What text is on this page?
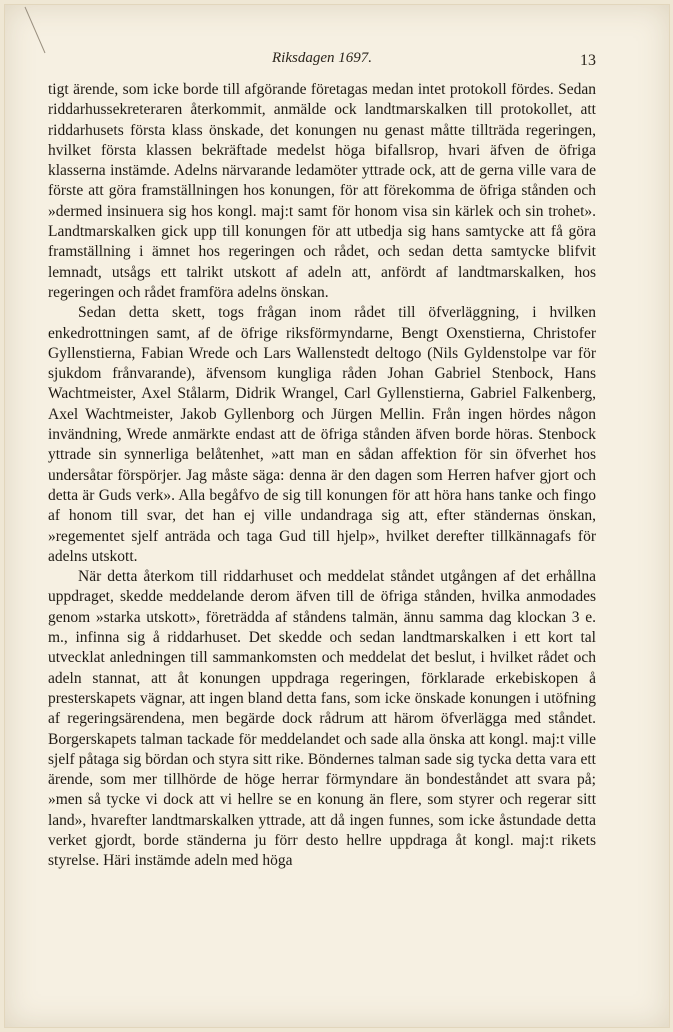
Riksdagen 1697.	13

tigt ärende, som icke borde till afgörande företagas medan intet protokoll fördes. Sedan riddarhussekreteraren återkommit, anmälde ock landtmarskalken till protokollet, att riddarhusets första klass önskade, det konungen nu genast måtte tillträda regeringen, hvilket första klassen bekräftade medelst höga bifallsrop, hvari äfven de öfriga klasserna instämde. Adelns närvarande ledamöter yttrade ock, att de gerna ville vara de förste att göra framställningen hos konungen, för att förekomma de öfriga stånden och »dermed insinuera sig hos kongl. maj:t samt för honom visa sin kärlek och sin trohet». Landtmarskalken gick upp till konungen för att utbedja sig hans samtycke att få göra framställning i ämnet hos regeringen och rådet, och sedan detta samtycke blifvit lemnadt, utsågs ett talrikt utskott af adeln att, anfördt af landtmarskalken, hos regeringen och rådet framföra adelns önskan.

Sedan detta skett, togs frågan inom rådet till öfverläggning, i hvilken enkedrottningen samt, af de öfrige riksförmyndarne, Bengt Oxenstierna, Christofer Gyllenstierna, Fabian Wrede och Lars Wallenstedt deltogo (Nils Gyldenstolpe var för sjukdom frånvarande), äfvensom kungliga råden Johan Gabriel Stenbock, Hans Wachtmeister, Axel Stålarm, Didrik Wrangel, Carl Gyllenstierna, Gabriel Falkenberg, Axel Wachtmeister, Jakob Gyllenborg och Jürgen Mellin. Från ingen hördes någon invändning, Wrede anmärkte endast att de öfriga stånden äfven borde höras. Stenbock yttrade sin synnerliga belåtenhet, »att man en sådan affektion för sin öfverhet hos undersåtar förspörjer. Jag måste säga: denna är den dagen som Herren hafver gjort och detta är Guds verk». Alla begåfvo de sig till konungen för att höra hans tanke och fingo af honom till svar, det han ej ville undandraga sig att, efter ständernas önskan, »regementet sjelf anträda och taga Gud till hjelp», hvilket derefter tillkännagafs för adelns utskott.

När detta återkom till riddarhuset och meddelat ståndet utgången af det erhållna uppdraget, skedde meddelande derom äfven till de öfriga stånden, hvilka anmodades genom »starka utskott», företrädda af ståndens talmän, ännu samma dag klockan 3 e. m., infinna sig å riddarhuset. Det skedde och sedan landtmarskalken i ett kort tal utvecklat anledningen till sammankomsten och meddelat det beslut, i hvilket rådet och adeln stannat, att åt konungen uppdraga regeringen, förklarade erkebiskopen å presterskapets vägnar, att ingen bland detta fans, som icke önskade konungen i utöfning af regeringsärendena, men begärde dock rådrum att härom öfverlägga med ståndet. Borgerskapets talman tackade för meddelandet och sade alla önska att kongl. maj:t ville sjelf påtaga sig bördan och styra sitt rike. Böndernes talman sade sig tycka detta vara ett ärende, som mer tillhörde de höge herrar förmyndare än bondeståndet att svara på; »men så tycke vi dock att vi hellre se en konung än flere, som styrer och regerar sitt land», hvarefter landtmarskalken yttrade, att då ingen funnes, som icke åstundade detta verket gjordt, borde ständerna ju förr desto hellre uppdraga åt kongl. maj:t rikets styrelse. Häri instämde adeln med höga
